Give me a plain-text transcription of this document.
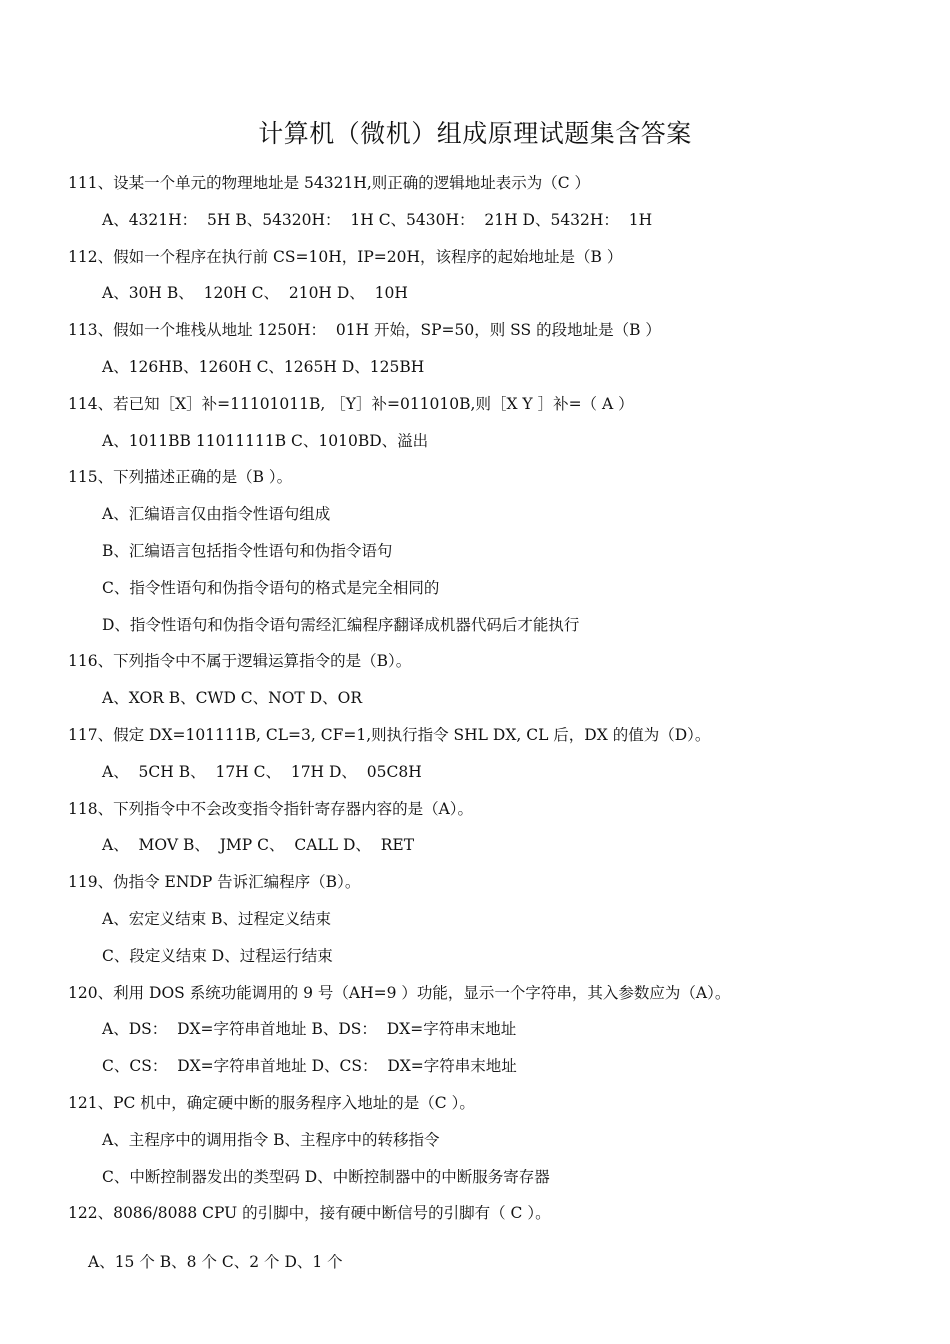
计算机（微机）组成原理试题集含答案
111、设某一个单元的物理地址是 54321H,则正确的逻辑地址表示为（C ）
A、4321H：  5H B、54320H：  1H C、5430H：  21H D、5432H：  1H
112、假如一个程序在执行前 CS=10H，IP=20H，该程序的起始地址是（B ）
A、30H B、  120H C、  210H D、  10H
113、假如一个堆栈从地址 1250H：  01H 开始，SP=50，则 SS 的段地址是（B ）
A、126HB、1260H C、1265H D、125BH
114、若已知［X］补=11101011B, ［Y］补=011010B,则［X Y ］补=（ A ）
A、1011BB 11011111B C、1010BD、溢出
115、下列描述正确的是（B ）。
A、汇编语言仅由指令性语句组成
B、汇编语言包括指令性语句和伪指令语句
C、指令性语句和伪指令语句的格式是完全相同的
D、指令性语句和伪指令语句需经汇编程序翻译成机器代码后才能执行
116、下列指令中不属于逻辑运算指令的是（B）。
A、XOR B、CWD C、NOT D、OR
117、假定 DX=101111B, CL=3, CF=1,则执行指令 SHL DX, CL 后，DX 的值为（D）。
A、  5CH B、  17H C、  17H D、  05C8H
118、下列指令中不会改变指令指针寄存器内容的是（A）。
A、  MOV B、  JMP C、  CALL D、  RET
119、伪指令 ENDP 告诉汇编程序（B）。
A、宏定义结束 B、过程定义结束
C、段定义结束 D、过程运行结束
120、利用 DOS 系统功能调用的 9 号（AH=9 ）功能，显示一个字符串，其入参数应为（A）。
A、DS：  DX=字符串首地址 B、DS：  DX=字符串末地址
C、CS：  DX=字符串首地址 D、CS：  DX=字符串末地址
121、PC 机中，确定硬中断的服务程序入地址的是（C ）。
A、主程序中的调用指令 B、主程序中的转移指令
C、中断控制器发出的类型码 D、中断控制器中的中断服务寄存器
122、8086/8088 CPU 的引脚中，接有硬中断信号的引脚有（ C ）。
A、15 个 B、8 个 C、2 个 D、1 个
